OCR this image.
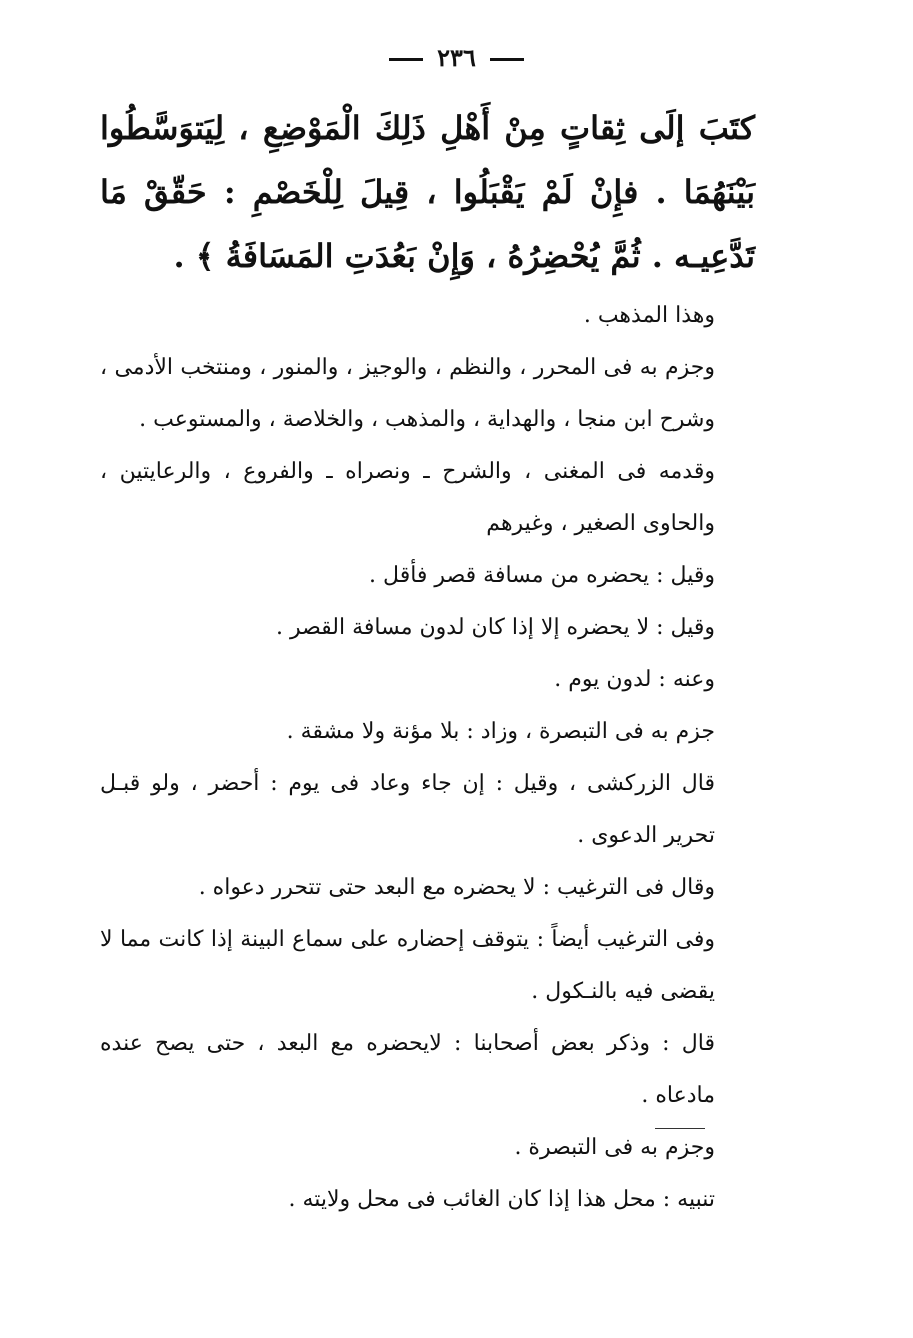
٢٣٦
كتَبَ إلَى ثِقاتٍ مِنْ أَهْلِ ذَلِكَ الْمَوْضِعِ ، لِيَتوَسَّطُوا بَيْنَهُمَا . فإِنْ لَمْ يَقْبَلُوا ، قِيلَ لِلْخَصْمِ : حَقّقْ مَا تَدَّعِيـه . ثُمَّ يُحْضِرُهُ ، وَإِنْ بَعُدَتِ المَسَافَةُ ﴾ .

وهذا المذهب .

وجزم به فى المحرر ، والنظم ، والوجيز ، والمنور ، ومنتخب الأدمى ، وشرح ابن منجا ، والهداية ، والمذهب ، والخلاصة ، والمستوعب .

وقدمه فى المغنى ، والشرح ـ ونصراه ـ والفروع ، والرعايتين ، والحاوى الصغير ، وغيرهم

وقيل : يحضره من مسافة قصر فأقل .

وقيل : لا يحضره إلا إذا كان لدون مسافة القصر .

وعنه : لدون يوم .

جزم به فى التبصرة ، وزاد : بلا مؤنة ولا مشقة .

قال الزركشى ، وقيل : إن جاء وعاد فى يوم : أحضر ، ولو قبـل تحرير الدعوى .

وقال فى الترغيب : لا يحضره مع البعد حتى تتحرر دعواه .

وفى الترغيب أيضاً : يتوقف إحضاره على سماع البينة إذا كانت مما لا يقضى فيه بالنـكول .

قال : وذكر بعض أصحابنا : لايحضره مع البعد ، حتى يصح عنده مادعاه .

وجزم به فى التبصرة .

تنبيه : محل هذا إذا كان الغائب فى محل ولايته .
